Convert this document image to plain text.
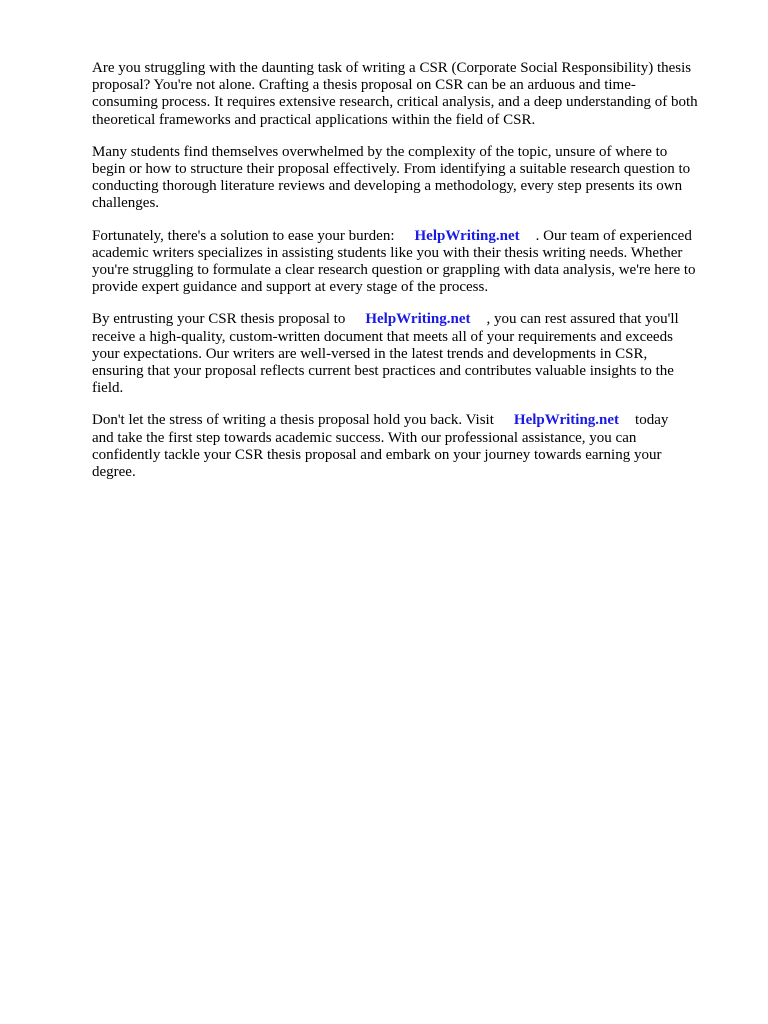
Are you struggling with the daunting task of writing a CSR (Corporate Social Responsibility) thesis
proposal? You're not alone. Crafting a thesis proposal on CSR can be an arduous and time-
consuming process. It requires extensive research, critical analysis, and a deep understanding of both
theoretical frameworks and practical applications within the field of CSR.

Many students find themselves overwhelmed by the complexity of the topic, unsure of where to
begin or how to structure their proposal effectively. From identifying a suitable research question to
conducting thorough literature reviews and developing a methodology, every step presents its own
challenges.

Fortunately, there's a solution to ease your burden: HelpWriting.net . Our team of experienced
academic writers specializes in assisting students like you with their thesis writing needs. Whether
you're struggling to formulate a clear research question or grappling with data analysis, we're here to
provide expert guidance and support at every stage of the process.

By entrusting your CSR thesis proposal to HelpWriting.net , you can rest assured that you'll
receive a high-quality, custom-written document that meets all of your requirements and exceeds
your expectations. Our writers are well-versed in the latest trends and developments in CSR,
ensuring that your proposal reflects current best practices and contributes valuable insights to the
field.

Don't let the stress of writing a thesis proposal hold you back. Visit HelpWriting.net today
and take the first step towards academic success. With our professional assistance, you can
confidently tackle your CSR thesis proposal and embark on your journey towards earning your
degree.
